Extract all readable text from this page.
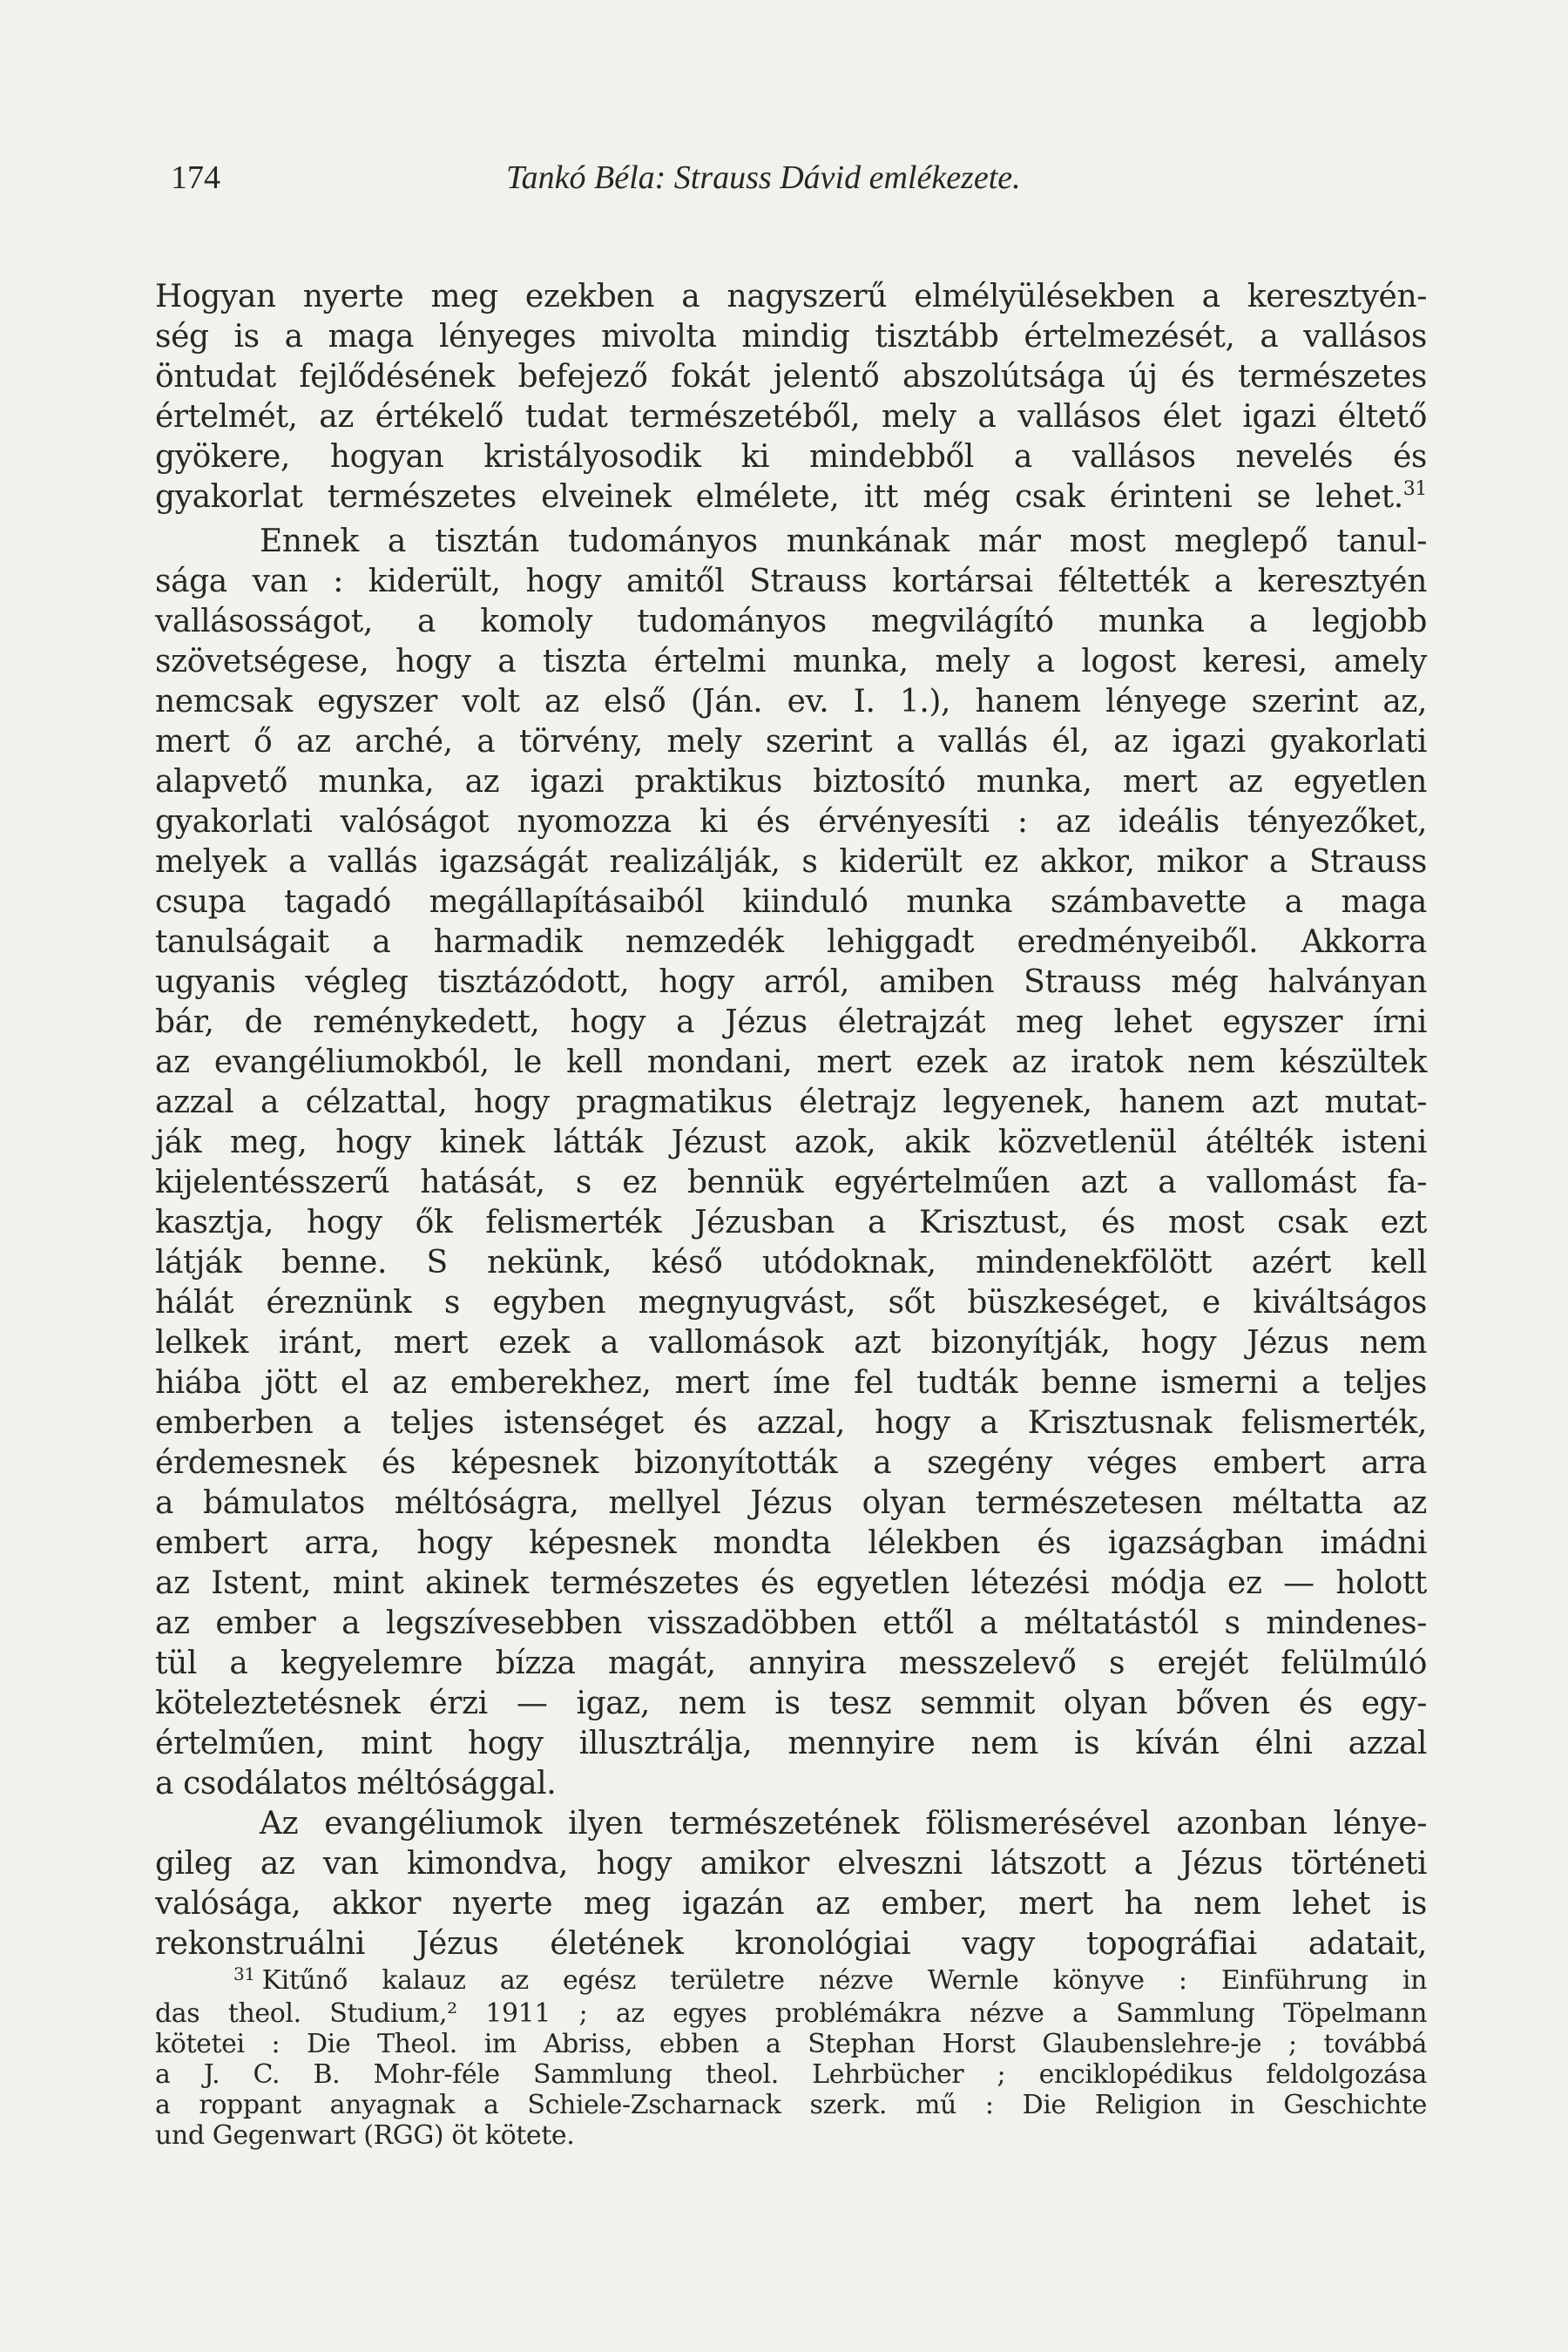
174	Tankó Béla: Strauss Dávid emlékezete.
Hogyan nyerte meg ezekben a nagyszerű elmélyülésekben a keresztyén-
ség is a maga lényeges mivolta mindig tisztább értelmezését, a vallásos
öntudat fejlődésének befejező fokát jelentő abszolútsága új és természetes
értelmét, az értékelő tudat természetéből, mely a vallásos élet igazi éltető
gyökere, hogyan kristályosodik ki mindebből a vallásos nevelés és
gyakorlat természetes elveinek elmélete, itt még csak érinteni se lehet.$^{31}$
Ennek a tisztán tudományos munkának már most meglepő tanul-
sága van : kiderült, hogy amitől Strauss kortársai féltették a keresztyén
vallásosságot, a komoly tudományos megvilágító munka a legjobb
szövetségese, hogy a tiszta értelmi munka, mely a logost keresi, amely
nemcsak egyszer volt az első (Ján. ev. I. 1.), hanem lényege szerint az,
mert ő az arché, a törvény, mely szerint a vallás él, az igazi gyakorlati
alapvető munka, az igazi praktikus biztosító munka, mert az egyetlen
gyakorlati valóságot nyomozza ki és érvényesíti : az ideális tényezőket,
melyek a vallás igazságát realizálják, s kiderült ez akkor, mikor a Strauss
csupa tagadó megállapításaiból kiinduló munka számbavette a maga
tanulságait a harmadik nemzedék lehiggadt eredményeiből. Akkorra
ugyanis végleg tisztázódott, hogy arról, amiben Strauss még halványan
bár, de reménykedett, hogy a Jézus életrajzát meg lehet egyszer írni
az evangéliumokból, le kell mondani, mert ezek az iratok nem készültek
azzal a célzattal, hogy pragmatikus életrajz legyenek, hanem azt mutat-
ják meg, hogy kinek látták Jézust azok, akik közvetlenül átélték isteni
kijelentésszerű hatását, s ez bennük egyértelműen azt a vallomást fa-
kasztja, hogy ők felismerték Jézusban a Krisztust, és most csak ezt
látják benne. S nekünk, késő utódoknak, mindenekfölött azért kell
hálát éreznünk s egyben megnyugvást, sőt büszkeséget, e kiváltságos
lelkek iránt, mert ezek a vallomások azt bizonyítják, hogy Jézus nem
hiába jött el az emberekhez, mert íme fel tudták benne ismerni a teljes
emberben a teljes istenséget és azzal, hogy a Krisztusnak felismerték,
érdemesnek és képesnek bizonyították a szegény véges embert arra
a bámulatos méltóságra, mellyel Jézus olyan természetesen méltatta az
embert arra, hogy képesnek mondta lélekben és igazságban imádni
az Istent, mint akinek természetes és egyetlen létezési módja ez — holott
az ember a legszívesebben visszadöbben ettől a méltatástól s mindenes-
tül a kegyelemre bízza magát, annyira messzelevő s erejét felülmúló
köteleztetésnek érzi — igaz, nem is tesz semmit olyan bőven és egy-
értelműen, mint hogy illusztrálja, mennyire nem is kíván élni azzal
a csodálatos méltósággal.
Az evangéliumok ilyen természetének fölismerésével azonban lénye-
gileg az van kimondva, hogy amikor elveszni látszott a Jézus történeti
valósága, akkor nyerte meg igazán az ember, mert ha nem lehet is
rekonstruálni Jézus életének kronológiai vagy topográfiai adatait,
$^{31}$ Kitűnő kalauz az egész területre nézve Wernle könyve : Einführung in
das theol. Studium,² 1911 ; az egyes problémákra nézve a Sammlung Töpelmann
kötetei : Die Theol. im Abriss, ebben a Stephan Horst Glaubenslehre-je ; továbbá
a J. C. B. Mohr-féle Sammlung theol. Lehrbücher ; enciklopédikus feldolgozása
a roppant anyagnak a Schiele-Zscharnack szerk. mű : Die Religion in Geschichte
und Gegenwart (RGG) öt kötete.
